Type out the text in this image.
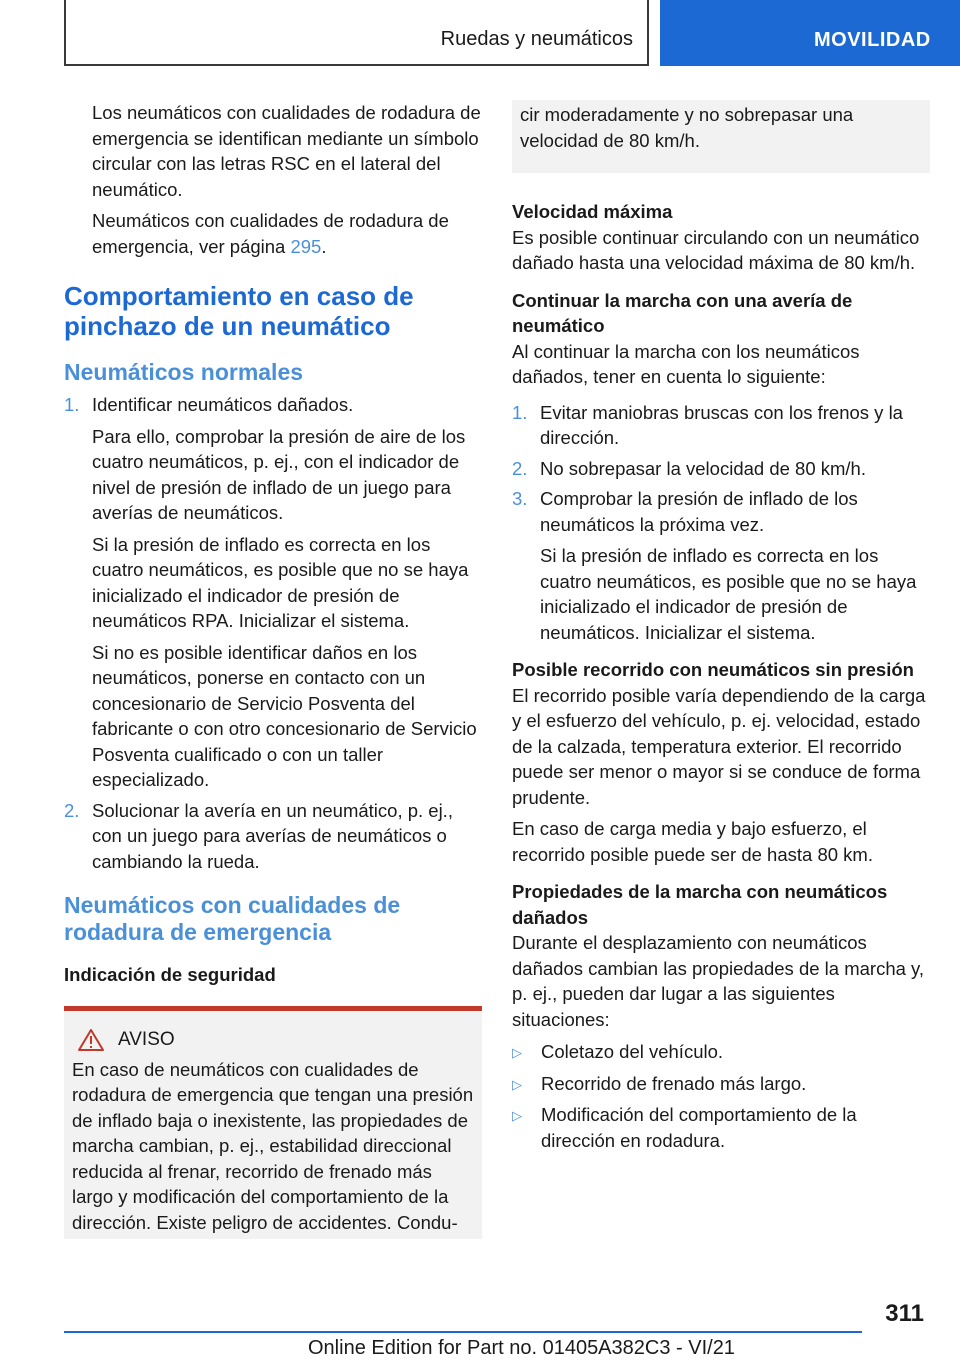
Ruedas y neumáticos	MOVILIDAD

Los neumáticos con cualidades de rodadura de emergencia se identifican mediante un símbolo circular con las letras RSC en el lateral del neumático.

Neumáticos con cualidades de rodadura de emergencia, ver página 295.

Comportamiento en caso de pinchazo de un neumático
Neumáticos normales
1. Identificar neumáticos dañados.

Para ello, comprobar la presión de aire de los cuatro neumáticos, p. ej., con el indicador de nivel de presión de inflado de un juego para averías de neumáticos.

Si la presión de inflado es correcta en los cuatro neumáticos, es posible que no se haya inicializado el indicador de presión de neumáticos RPA. Inicializar el sistema.

Si no es posible identificar daños en los neumáticos, ponerse en contacto con un concesionario de Servicio Posventa del fabricante o con otro concesionario de Servicio Posventa cualificado o con un taller especializado.

2. Solucionar la avería en un neumático, p. ej., con un juego para averías de neumáticos o cambiando la rueda.
Neumáticos con cualidades de rodadura de emergencia
Indicación de seguridad
AVISO

En caso de neumáticos con cualidades de rodadura de emergencia que tengan una presión de inflado baja o inexistente, las propiedades de marcha cambian, p. ej., estabilidad direccional reducida al frenar, recorrido de frenado más largo y modificación del comportamiento de la dirección. Existe peligro de accidentes. Condu-

cir moderadamente y no sobrepasar una velocidad de 80 km/h.

Velocidad máxima

Es posible continuar circulando con un neumático dañado hasta una velocidad máxima de 80 km/h.

Continuar la marcha con una avería de neumático

Al continuar la marcha con los neumáticos dañados, tener en cuenta lo siguiente:

1. Evitar maniobras bruscas con los frenos y la dirección.
2. No sobrepasar la velocidad de 80 km/h.
3. Comprobar la presión de inflado de los neumáticos la próxima vez.

Si la presión de inflado es correcta en los cuatro neumáticos, es posible que no se haya inicializado el indicador de presión de neumáticos. Inicializar el sistema.

Posible recorrido con neumáticos sin presión

El recorrido posible varía dependiendo de la carga y el esfuerzo del vehículo, p. ej. velocidad, estado de la calzada, temperatura exterior. El recorrido puede ser menor o mayor si se conduce de forma prudente.

En caso de carga media y bajo esfuerzo, el recorrido posible puede ser de hasta 80 km.

Propiedades de la marcha con neumáticos dañados

Durante el desplazamiento con neumáticos dañados cambian las propiedades de la marcha y, p. ej., pueden dar lugar a las siguientes situaciones:

▷ Coletazo del vehículo.
▷ Recorrido de frenado más largo.
▷ Modificación del comportamiento de la dirección en rodadura.
311
Online Edition for Part no. 01405A382C3 - VI/21
